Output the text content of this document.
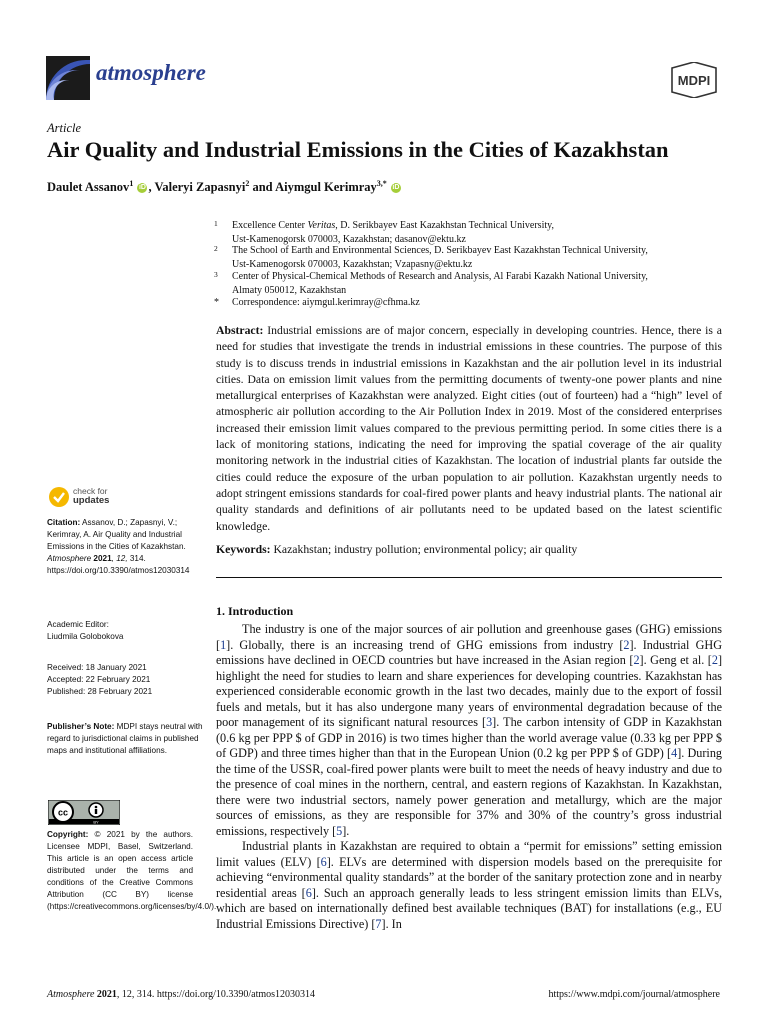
atmosphere	MDPI
Article
Air Quality and Industrial Emissions in the Cities of Kazakhstan
Daulet Assanov$^1$ iD , Valeryi Zapasnyi$^2$ and Aiymgul Kerimray$^{3,*}$ iD
1 Excellence Center Veritas, D. Serikbayev East Kazakhstan Technical University,
Ust-Kamenogorsk 070003, Kazakhstan; dasanov@ektu.kz
2 The School of Earth and Environmental Sciences, D. Serikbayev East Kazakhstan Technical University,
Ust-Kamenogorsk 070003, Kazakhstan; Vzapasny@ektu.kz
3 Center of Physical-Chemical Methods of Research and Analysis, Al Farabi Kazakh National University,
Almaty 050012, Kazakhstan
* Correspondence: aiymgul.kerimray@cfhma.kz
Abstract: Industrial emissions are of major concern, especially in developing countries. Hence, there is a need for studies that investigate the trends in industrial emissions in these countries. The purpose of this study is to discuss trends in industrial emissions in Kazakhstan and the air pollution level in its industrial cities. Data on emission limit values from the permitting documents of twenty-one power plants and nine metallurgical enterprises of Kazakhstan were analyzed. Eight cities (out of fourteen) had a “high” level of atmospheric air pollution according to the Air Pollution Index in 2019. Most of the considered enterprises increased their emission limit values compared to the previous permitting period. In some cities there is a lack of monitoring stations, indicating the need for improving the spatial coverage of the air quality monitoring network in the industrial cities of Kazakhstan. The location of industrial plants far outside the cities could reduce the exposure of the urban population to air pollution. Kazakhstan urgently needs to adopt stringent emissions standards for coal-fired power plants and heavy industrial plants. The national air quality standards and definitions of air pollutants need to be updated based on the latest scientific knowledge.
Keywords: Kazakhstan; industry pollution; environmental policy; air quality
check for
updates
Citation: Assanov, D.; Zapasnyi, V.; Kerimray, A. Air Quality and Industrial Emissions in the Cities of Kazakhstan. Atmosphere 2021, 12, 314. https://doi.org/10.3390/atmos12030314
Academic Editor:
Liudmila Golobokova
Received: 18 January 2021
Accepted: 22 February 2021
Published: 28 February 2021
Publisher’s Note: MDPI stays neutral with regard to jurisdictional claims in published maps and institutional affiliations.
cc
BY
Copyright: © 2021 by the authors. Licensee MDPI, Basel, Switzerland. This article is an open access article distributed under the terms and conditions of the Creative Commons Attribution (CC BY) license (https://creativecommons.org/licenses/by/4.0/).
1. Introduction

The industry is one of the major sources of air pollution and greenhouse gases (GHG) emissions [1]. Globally, there is an increasing trend of GHG emissions from industry [2]. Industrial GHG emissions have declined in OECD countries but have increased in the Asian region [2]. Geng et al. [2] highlight the need for studies to learn and share experiences for developing countries. Kazakhstan has experienced considerable economic growth in the last two decades, mainly due to the export of fossil fuels and metals, but it has also undergone many years of environmental degradation because of the poor management of its significant natural resources [3]. The carbon intensity of GDP in Kazakhstan (0.6 kg per PPP $ of GDP in 2016) is two times higher than the world average value (0.33 kg per PPP $ of GDP) and three times higher than that in the European Union (0.2 kg per PPP $ of GDP) [4]. During the time of the USSR, coal-fired power plants were built to meet the needs of heavy industry and due to the presence of coal mines in the northern, central, and eastern regions of Kazakhstan. In Kazakhstan, there were two industrial sectors, namely power generation and metallurgy, which are the major sources of emissions, as they are responsible for 37% and 30% of the country’s gross industrial emissions, respectively [5].

Industrial plants in Kazakhstan are required to obtain a “permit for emissions” setting emission limit values (ELV) [6]. ELVs are determined with dispersion models based on the prerequisite for achieving “environmental quality standards” at the border of the sanitary protection zone and in nearby residential areas [6]. Such an approach generally leads to less stringent emission limits than ELVs, which are based on internationally defined best available techniques (BAT) for installations (e.g., EU Industrial Emissions Directive) [7]. In

Atmosphere 2021, 12, 314. https://doi.org/10.3390/atmos12030314	https://www.mdpi.com/journal/atmosphere
